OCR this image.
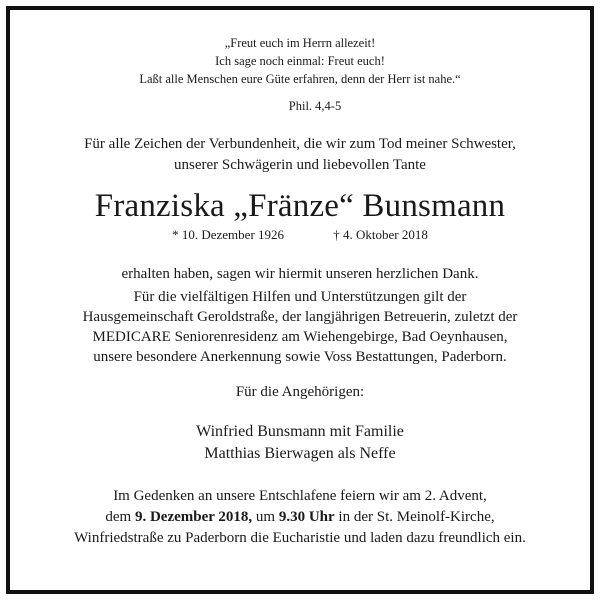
„Freut euch im Herrn allezeit!
Ich sage noch einmal: Freut euch!
Laßt alle Menschen eure Güte erfahren, denn der Herr ist nahe.“
Phil. 4,4-5
Für alle Zeichen der Verbundenheit, die wir zum Tod meiner Schwester,
unserer Schwägerin und liebevollen Tante
Franziska „Fränze“ Bunsmann
* 10. Dezember 1926	† 4. Oktober 2018
erhalten haben, sagen wir hiermit unseren herzlichen Dank.
Für die vielfältigen Hilfen und Unterstützungen gilt der
Hausgemeinschaft Geroldstraße, der langjährigen Betreuerin, zuletzt der
MEDICARE Seniorenresidenz am Wiehengebirge, Bad Oeynhausen,
unsere besondere Anerkennung sowie Voss Bestattungen, Paderborn.
Für die Angehörigen:
Winfried Bunsmann mit Familie
Matthias Bierwagen als Neffe
Im Gedenken an unsere Entschlafene feiern wir am 2. Advent,
dem 9. Dezember 2018, um 9.30 Uhr in der St. Meinolf-Kirche,
Winfriedstraße zu Paderborn die Eucharistie und laden dazu freundlich ein.
